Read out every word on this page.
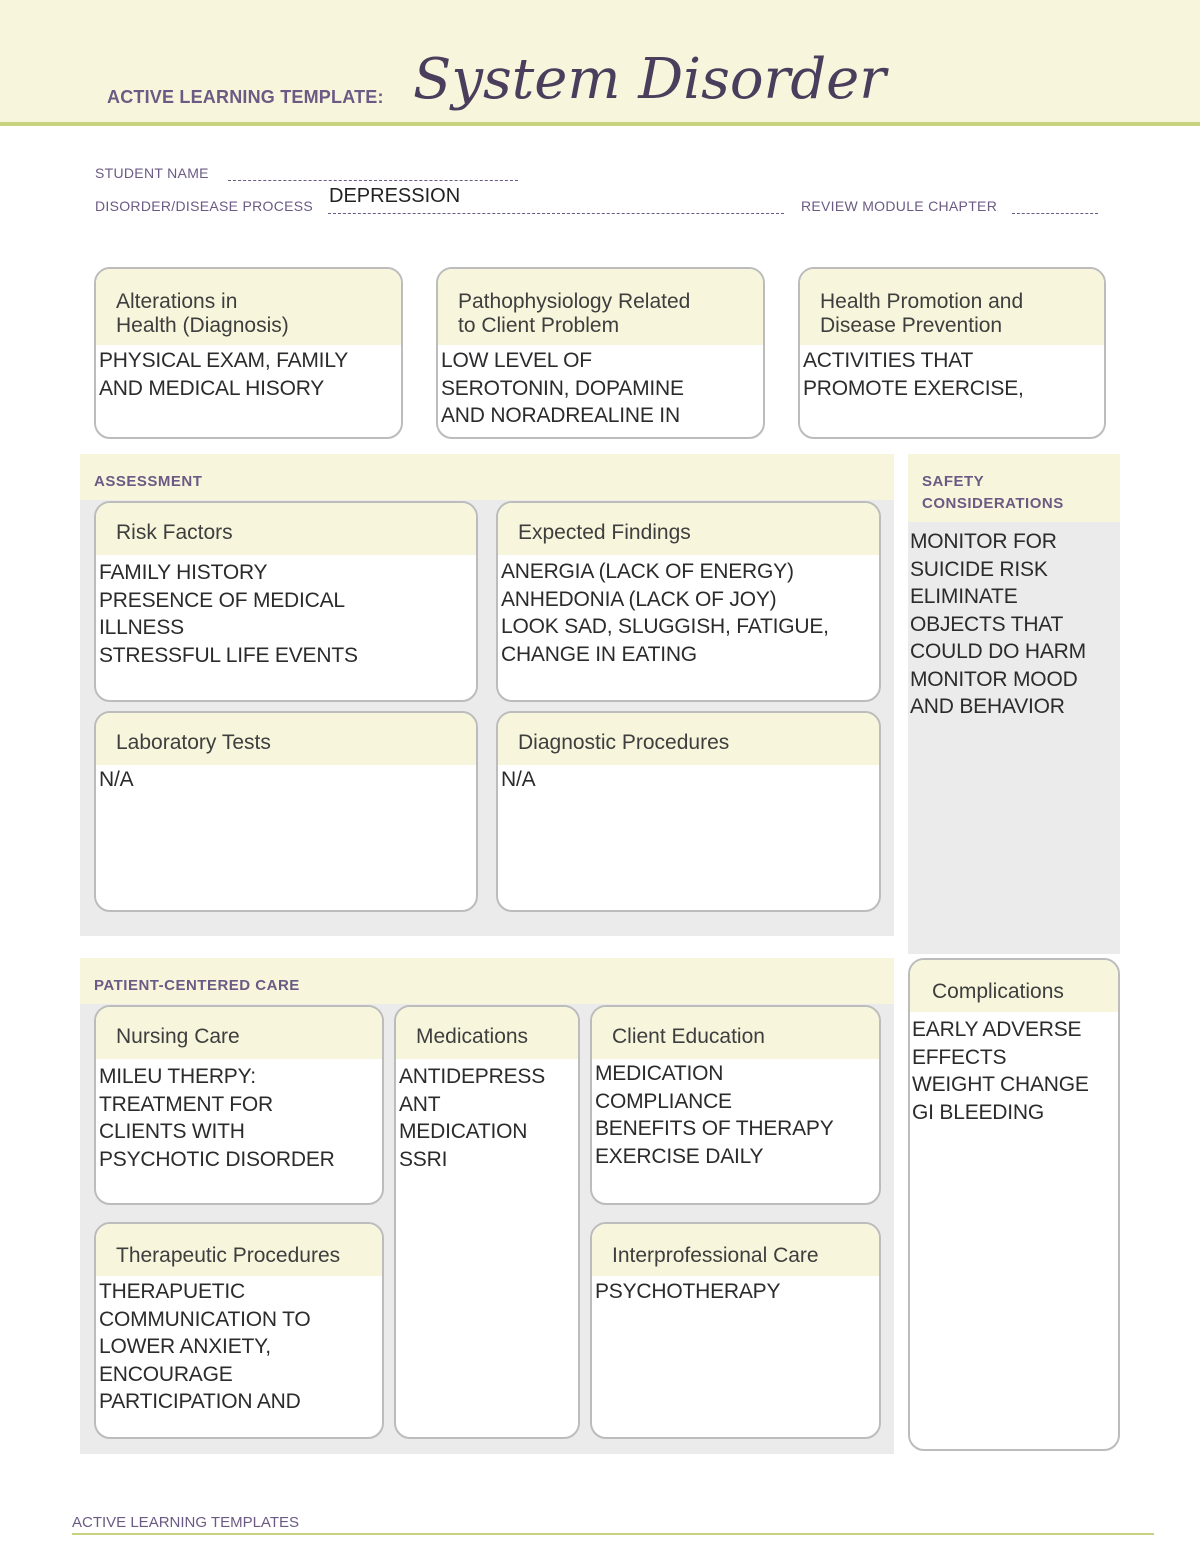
ACTIVE LEARNING TEMPLATE: System Disorder
STUDENT NAME
DISORDER/DISEASE PROCESS DEPRESSION	REVIEW MODULE CHAPTER
Alterations in
Health (Diagnosis)
PHYSICAL EXAM, FAMILY
AND MEDICAL HISORY
Pathophysiology Related
to Client Problem
LOW LEVEL OF
SEROTONIN, DOPAMINE
AND NORADREALINE IN
Health Promotion and
Disease Prevention
ACTIVITIES THAT
PROMOTE EXERCISE,
ASSESSMENT
Risk Factors
FAMILY HISTORY
PRESENCE OF MEDICAL
ILLNESS
STRESSFUL LIFE EVENTS
Expected Findings
ANERGIA (LACK OF ENERGY)
ANHEDONIA (LACK OF JOY)
LOOK SAD, SLUGGISH, FATIGUE,
CHANGE IN EATING
Laboratory Tests
N/A
Diagnostic Procedures
N/A
SAFETY
CONSIDERATIONS
MONITOR FOR
SUICIDE RISK
ELIMINATE
OBJECTS THAT
COULD DO HARM
MONITOR MOOD
AND BEHAVIOR
PATIENT-CENTERED CARE
Nursing Care
MILEU THERPY:
TREATMENT FOR
CLIENTS WITH
PSYCHOTIC DISORDER
Medications
ANTIDEPRESS
ANT
MEDICATION
SSRI
Client Education
MEDICATION
COMPLIANCE
BENEFITS OF THERAPY
EXERCISE DAILY
Therapeutic Procedures
THERAPUETIC
COMMUNICATION TO
LOWER ANXIETY,
ENCOURAGE
PARTICIPATION AND
Interprofessional Care
PSYCHOTHERAPY
Complications
EARLY ADVERSE
EFFECTS
WEIGHT CHANGE
GI BLEEDING
ACTIVE LEARNING TEMPLATES
